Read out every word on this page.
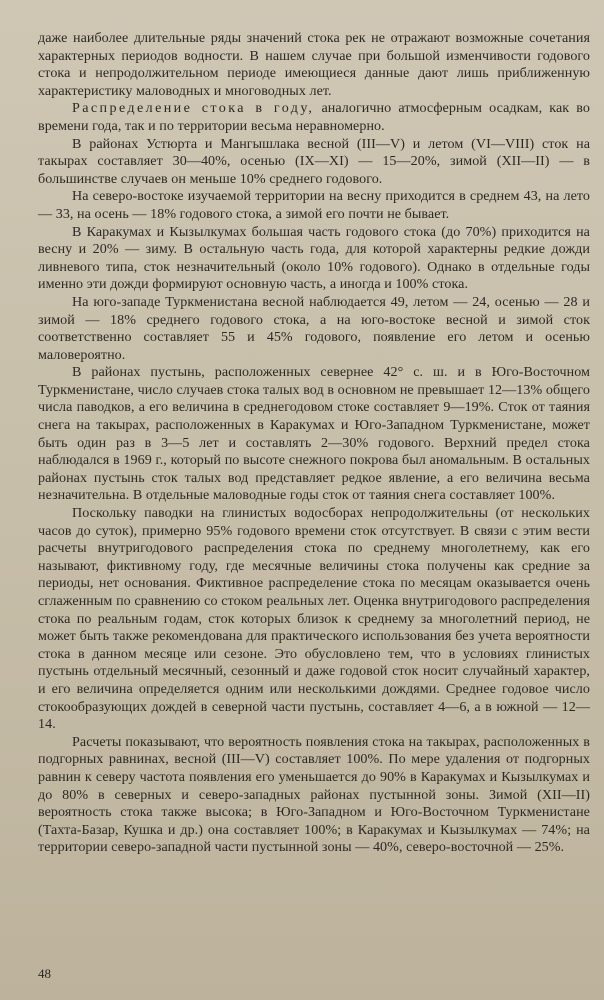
даже наиболее длительные ряды значений стока рек не отражают возможные сочетания характерных периодов водности. В нашем случае при большой изменчивости годового стока и непродолжительном периоде имеющиеся данные дают лишь приближенную характеристику маловодных и многоводных лет.

Распределение стока в году, аналогично атмосферным осадкам, как во времени года, так и по территории весьма неравномерно.

В районах Устюрта и Мангышлака весной (III—V) и летом (VI—VIII) сток на такырах составляет 30—40%, осенью (IX—XI) — 15—20%, зимой (XII—II) — в большинстве случаев он меньше 10% среднего годового.

На северо-востоке изучаемой территории на весну приходится в среднем 43, на лето — 33, на осень — 18% годового стока, а зимой его почти не бывает.

В Каракумах и Кызылкумах большая часть годового стока (до 70%) приходится на весну и 20% — зиму. В остальную часть года, для которой характерны редкие дожди ливневого типа, сток незначительный (около 10% годового). Однако в отдельные годы именно эти дожди формируют основную часть, а иногда и 100% стока.

На юго-западе Туркменистана весной наблюдается 49, летом — 24, осенью — 28 и зимой — 18% среднего годового стока, а на юго-востоке весной и зимой сток соответственно составляет 55 и 45% годового, появление его летом и осенью маловероятно.

В районах пустынь, расположенных севернее 42° с. ш. и в Юго-Восточном Туркменистане, число случаев стока талых вод в основном не превышает 12—13% общего числа паводков, а его величина в среднегодовом стоке составляет 9—19%. Сток от таяния снега на такырах, расположенных в Каракумах и Юго-Западном Туркменистане, может быть один раз в 3—5 лет и составлять 2—30% годового. Верхний предел стока наблюдался в 1969 г., который по высоте снежного покрова был аномальным. В остальных районах пустынь сток талых вод представляет редкое явление, а его величина весьма незначительна. В отдельные маловодные годы сток от таяния снега составляет 100%.

Поскольку паводки на глинистых водосборах непродолжительны (от нескольких часов до суток), примерно 95% годового времени сток отсутствует. В связи с этим вести расчеты внутригодового распределения стока по среднему многолетнему, как его называют, фиктивному году, где месячные величины стока получены как средние за периоды, нет основания. Фиктивное распределение стока по месяцам оказывается очень сглаженным по сравнению со стоком реальных лет. Оценка внутригодового распределения стока по реальным годам, сток которых близок к среднему за многолетний период, не может быть также рекомендована для практического использования без учета вероятности стока в данном месяце или сезоне. Это обусловлено тем, что в условиях глинистых пустынь отдельный месячный, сезонный и даже годовой сток носит случайный характер, и его величина определяется одним или несколькими дождями. Среднее годовое число стокообразующих дождей в северной части пустынь, составляет 4—6, а в южной — 12—14.

Расчеты показывают, что вероятность появления стока на такырах, расположенных в подгорных равнинах, весной (III—V) составляет 100%. По мере удаления от подгорных равнин к северу частота появления его уменьшается до 90% в Каракумах и Кызылкумах и до 80% в северных и северо-западных районах пустынной зоны. Зимой (XII—II) вероятность стока также высока; в Юго-Западном и Юго-Восточном Туркменистане (Тахта-Базар, Кушка и др.) она составляет 100%; в Каракумах и Кызылкумах — 74%; на территории северо-западной части пустынной зоны — 40%, северо-восточной — 25%.

48
